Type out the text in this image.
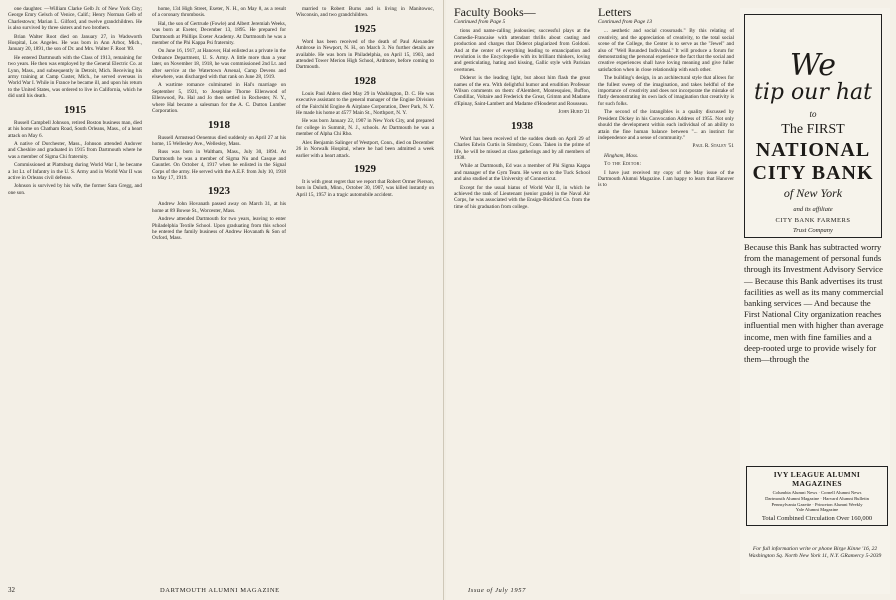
one daughter. —William Clarke Gelb Jr. of New York City; George Emry Gelsch of Venice, Calif.; Henry Norman Gelb of Charlestown; Marian L. Gilford, and twelve grandchildren. He is also survived by three sisters and two brothers.

Brian Walter Root died on January 27, in Wadsworth Hospital, Los Angeles. He was born in Ann Arbor, Mich., January 20, 1891, the son of Dr. and Mrs. Walter F. Root '89.

He entered Dartmouth with the Class of 1913, remaining for two years. He then was employed by the General Electric Co. at Lynn, Mass., and subsequently in Detroit, Mich. Receiving his army training at Camp Custer, Mich., he served overseas in World War I. While in France he became ill, and upon his return to the United States, was ordered to live in California, which he did until his death.

1915

Russell Campbell Johnson, retired Boston business man, died at his home on Chatham Road, South Orleans, Mass., of a heart attack on May 6.

A native of Dorchester, Mass., Johnson attended Andover and Cheshire and graduated in 1915 from Dartmouth where he was a member of Sigma Chi fraternity.

Commissioned at Plattsburg during World War I, he became a 1st Lt. of Infantry in the U. S. Army and in World War II was active in Orleans civil defense.

Johnson is survived by his wife, the former Sara Gregg, and one son.

home, 134 High Street, Exeter, N. H., on May 8, as a result of a coronary thrombosis.

Hal, the son of Gertrude (Fowle) and Albert Jeremiah Weeks, was born at Exeter, December 13, 1895. He prepared for Dartmouth at Phillips Exeter Academy. At Dartmouth he was a member of the Phi Kappa Psi fraternity.

On June 16, 1917, at Hanover, Hal enlisted as a private in the Ordnance Department, U. S. Army. A little more than a year later, on November 18, 1918, he was commissioned 2nd Lt. and after service at the Watertown Arsenal, Camp Devens and elsewhere, was discharged with that rank on June 28, 1919.

A wartime romance culminated in Hal's marriage on September 5, 1921, to Josephine Thorne Ellenwood of Ellenwood, Pa. Hal and Jo then settled in Rochester, N. Y., where Hal became a salesman for the A. C. Dutton Lumber Corporation.

1918

Russell Armstead Oenemus died suddenly on April 27 at his home, 15 Wellesley Ave., Wellesley, Mass.

Russ was born in Waltham, Mass., July 30, 1894. At Dartmouth he was a member of Sigma Nu and Casque and Gauntlet. On October 4, 1917 when he enlisted in the Signal Corps of the army. He served with the A.E.F. from July 10, 1918 to May 17, 1919.

1923

Andrew John Hovanath passed away on March 31, at his home at 89 Bowse St., Worcester, Mass.

Andrew attended Dartmouth for two years, leaving to enter Philadelphia Textile School. Upon graduating from this school he entered the family business of Andrew Hovanath & Son of Oxford, Mass.

married to Robert Burns and is living in Manitowoc, Wisconsin, and two grandchildren.

1925

Word has been received of the death of Paul Alexander Ambrose in Newport, N. H., on March 3. No further details are available. He was born in Philadelphia, on April 15, 1903, and attended Tower Merion High School, Ardmore, before coming to Dartmouth.

1928

Louis Paul Ahlers died May 29 in Washington, D. C. He was executive assistant to the general manager of the Engine Division of the Fairchild Engine & Airplane Corporation, Deer Park, N. Y. He made his home at 4577 Main St., Northport, N. Y.

He was born January 22, 1907 in New York City, and prepared for college in Summit, N. J., schools. At Dartmouth he was a member of Alpha Chi Rho.

Alex Benjamin Salinger of Westport, Conn., died on December 26 in Norwalk Hospital, where he had been admitted a week earlier with a heart attack.

1929

It is with great regret that we report that Robert Ormer Pierson, born in Duluth, Minn., October 30, 1907, was killed instantly on April 15, 1957 in a tragic automobile accident.

32	DARTMOUTH ALUMNI MAGAZINE
Faculty Books—
Continued from Page 5

tions and name-calling jealousies; successful plays at the Comedie-Francaise with attendant thrills about casting and production and charges that Diderot plagiarized from Goldoni. And at the center of everything leading to emancipation and revolution is the Encyclopedie with its brilliant thinkers, loving and gesticulating, hating and kissing, Gallic style with Parisian overtones.

Diderot is the leading light, but about him flash the great names of the era. With delightful humor and erudition Professor Wilson comments on them: d'Alembert, Montesquieu, Buffon, Condillac, Voltaire and Frederick the Great, Grimm and Madame d'Epinay, Saint-Lambert and Madame d'Houdetot and Rousseau.

John Hurd '21
1938

Word has been received of the sudden death on April 29 of Charles Edwin Curtis in Simsbury, Conn. Taken in the prime of life, he will be missed at class gatherings and by all members of 1938.

While at Dartmouth, Ed was a member of Phi Sigma Kappa and manager of the Gym Team. He went on to the Tuck School and also studied at the University of Connecticut.

Except for the usual hiatus of World War II, in which he achieved the rank of Lieutenant (senior grade) in the Naval Air Corps, he was associated with the Ensign-Bickford Co. from the time of his graduation from college.

Letters
Continued from Page 13

... aesthetic and social crossroads." By this relating of creativity, and the appreciation of creativity, to the total social scene of the College, the Center is to serve as the "Jewel" and also of "Well Rounded Individual." It will produce a forum for demonstrating the personal experience the fact that the social and creative experiences shall have loving meaning and give fuller satisfaction when in close relationship with each other.

The building's design, in an architectural style that allows for the fullest sweep of the imagination, and takes heldful of the importance of creativity and does not incorporate the mistake of flatly demonstrating its own lack of imagination that creativity is for such folks.

The second of the intangibles is a quality discussed by President Dickey in his Convocation Address of 1955. Not only should the development within each individual of an ability to attain the fine human balance between "... an instinct for independence and a sense of community."

Paul R. Staley '51

Hingham, Mass.

To the Editor:

I have just received my copy of the May issue of the Dartmouth Alumni Magazine. I am happy to learn that Hanover is to

Issue of July 1957
We
tip our hat
to
The FIRST
NATIONAL CITY BANK
of New York
and its affiliate
CITY BANK FARMERS
Trust Company
Because this Bank has subtracted worry from the management of personal funds through its Investment Advisory Service — Because this Bank advertises its trust facilities as well as its many commercial banking services — And because the First National City organization reaches influential men with higher than average income, men with fine families and a deep-rooted urge to provide wisely for them—through the
IVY LEAGUE ALUMNI MAGAZINES
Columbia Alumni News · Cornell Alumni News
Dartmouth Alumni Magazine · Harvard Alumni Bulletin
Pennsylvania Gazette · Princeton Alumni Weekly
Yale Alumni Magazine
Total Combined Circulation Over 160,000
For full information write or phone Birge Kinne '16, 22 Washington Sq. North New York 11, N.Y. GRamercy 5-2039
